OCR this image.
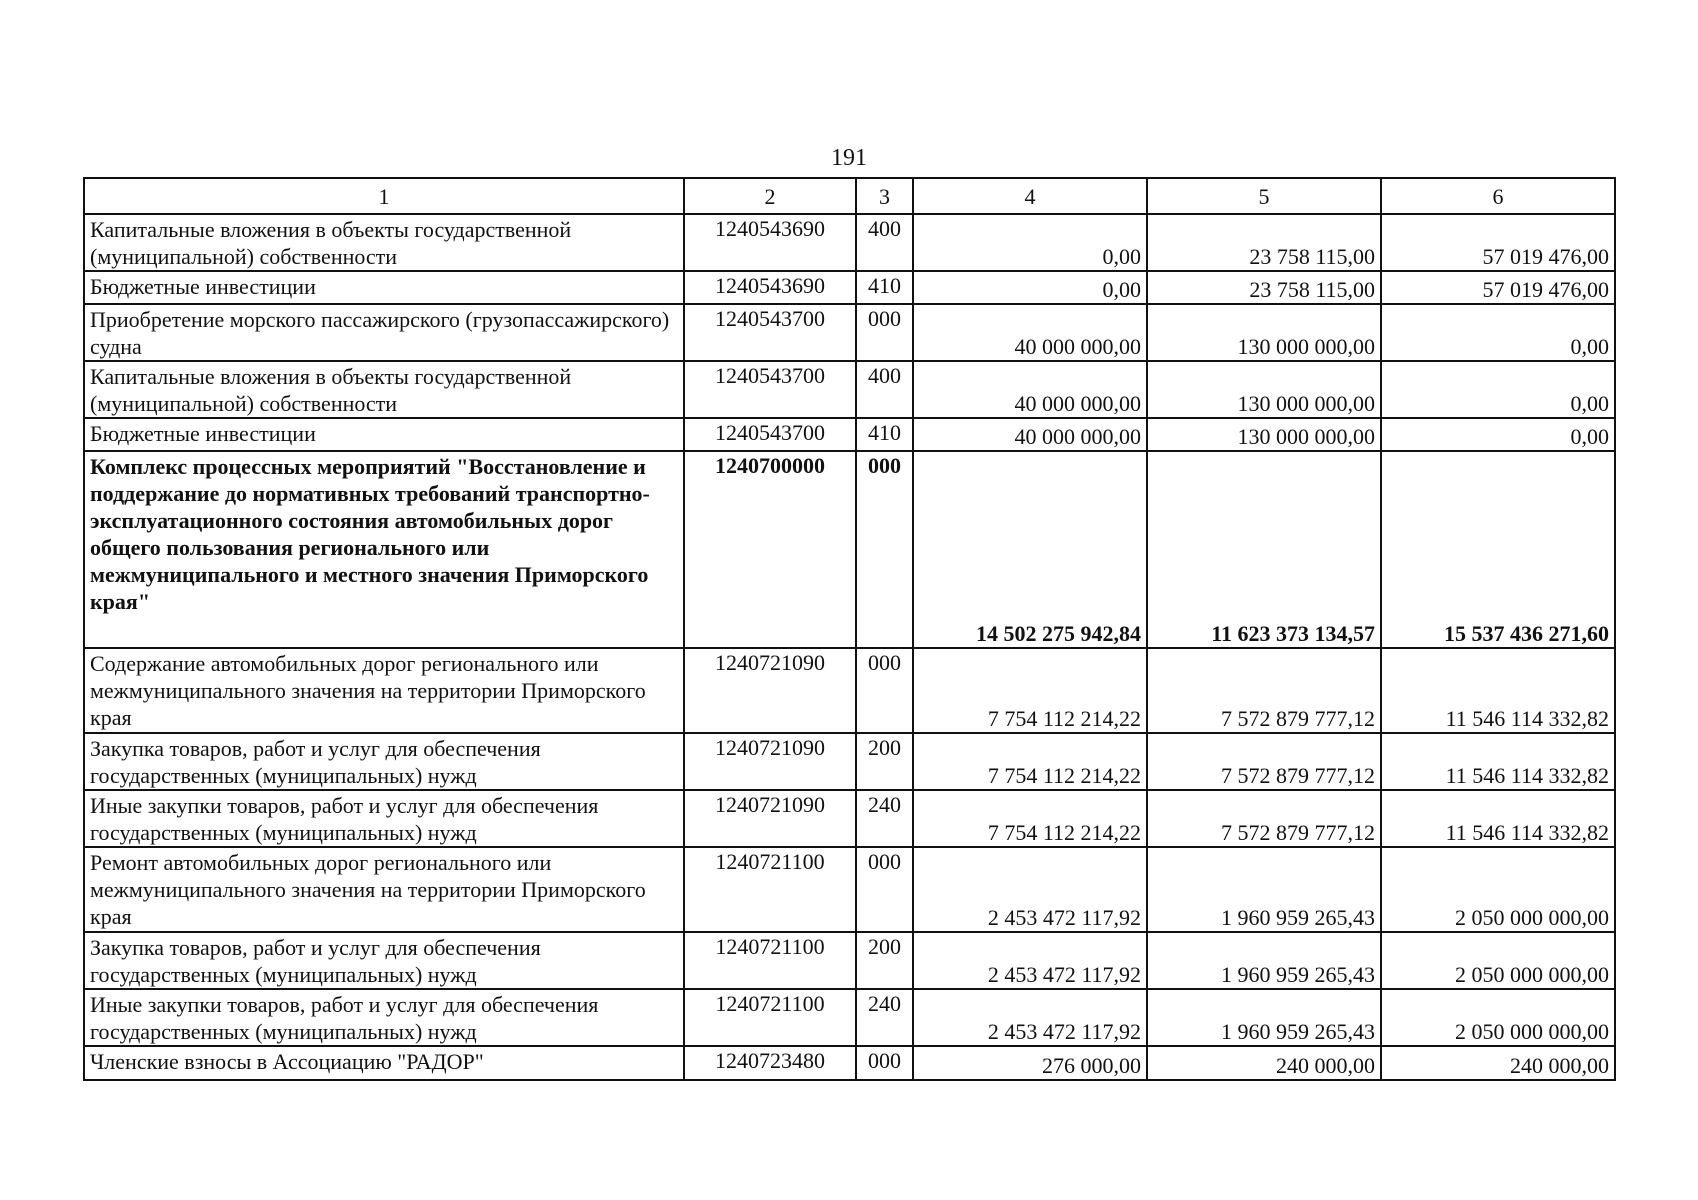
191
1	2	3	4	5	6
Капитальные вложения в объекты государственной (муниципальной) собственности	1240543690	400	0,00	23 758 115,00	57 019 476,00
Бюджетные инвестиции	1240543690	410	0,00	23 758 115,00	57 019 476,00
Приобретение морского пассажирского (грузопассажирского) судна	1240543700	000	40 000 000,00	130 000 000,00	0,00
Капитальные вложения в объекты государственной (муниципальной) собственности	1240543700	400	40 000 000,00	130 000 000,00	0,00
Бюджетные инвестиции	1240543700	410	40 000 000,00	130 000 000,00	0,00
Комплекс процессных мероприятий "Восстановление и поддержание до нормативных требований транспортно-эксплуатационного состояния автомобильных дорог общего пользования регионального или межмуниципального и местного значения Приморского края"	1240700000	000	14 502 275 942,84	11 623 373 134,57	15 537 436 271,60
Содержание автомобильных дорог регионального или межмуниципального значения на территории Приморского края	1240721090	000	7 754 112 214,22	7 572 879 777,12	11 546 114 332,82
Закупка товаров, работ и услуг для обеспечения государственных (муниципальных) нужд	1240721090	200	7 754 112 214,22	7 572 879 777,12	11 546 114 332,82
Иные закупки товаров, работ и услуг для обеспечения государственных (муниципальных) нужд	1240721090	240	7 754 112 214,22	7 572 879 777,12	11 546 114 332,82
Ремонт автомобильных дорог регионального или межмуниципального значения на территории Приморского края	1240721100	000	2 453 472 117,92	1 960 959 265,43	2 050 000 000,00
Закупка товаров, работ и услуг для обеспечения государственных (муниципальных) нужд	1240721100	200	2 453 472 117,92	1 960 959 265,43	2 050 000 000,00
Иные закупки товаров, работ и услуг для обеспечения государственных (муниципальных) нужд	1240721100	240	2 453 472 117,92	1 960 959 265,43	2 050 000 000,00
Членские взносы в Ассоциацию "РАДОР"	1240723480	000	276 000,00	240 000,00	240 000,00
